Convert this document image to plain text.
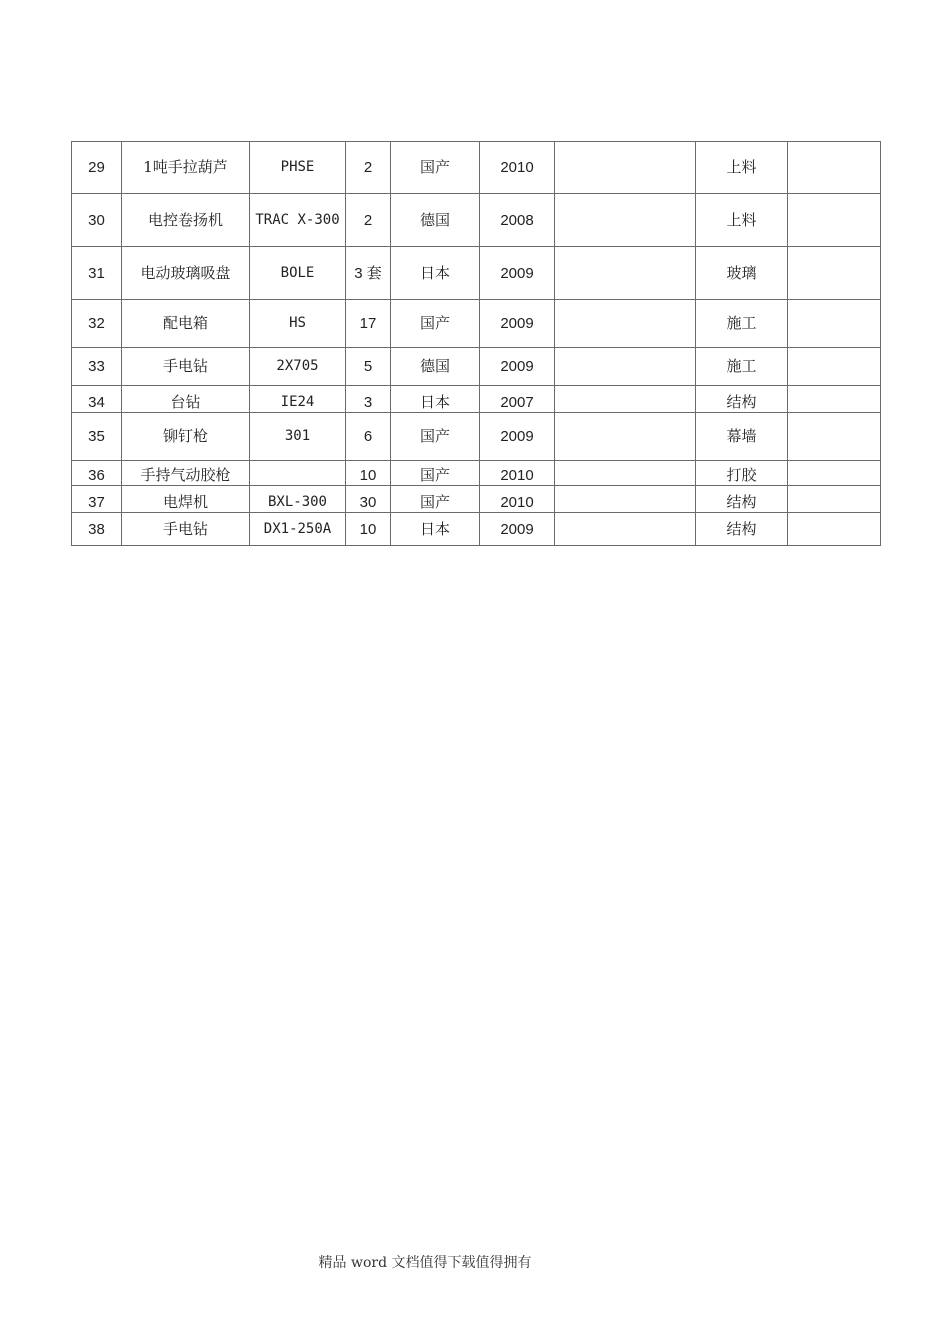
29	1吨手拉葫芦	PHSE	2	国产	2010		上料	
30	电控卷扬机	TRAC X-300	2	德国	2008		上料	
31	电动玻璃吸盘	BOLE	3 套	日本	2009		玻璃	
32	配电箱	HS	17	国产	2009		施工	
33	手电钻	2X705	5	德国	2009		施工	
34	台钻	IE24	3	日本	2007		结构	
35	铆钉枪	301	6	国产	2009		幕墙	
36	手持气动胶枪		10	国产	2010		打胶	
37	电焊机	BXL-300	30	国产	2010		结构	
38	手电钻	DX1-250A	10	日本	2009		结构	
精品 word 文档值得下载值得拥有
